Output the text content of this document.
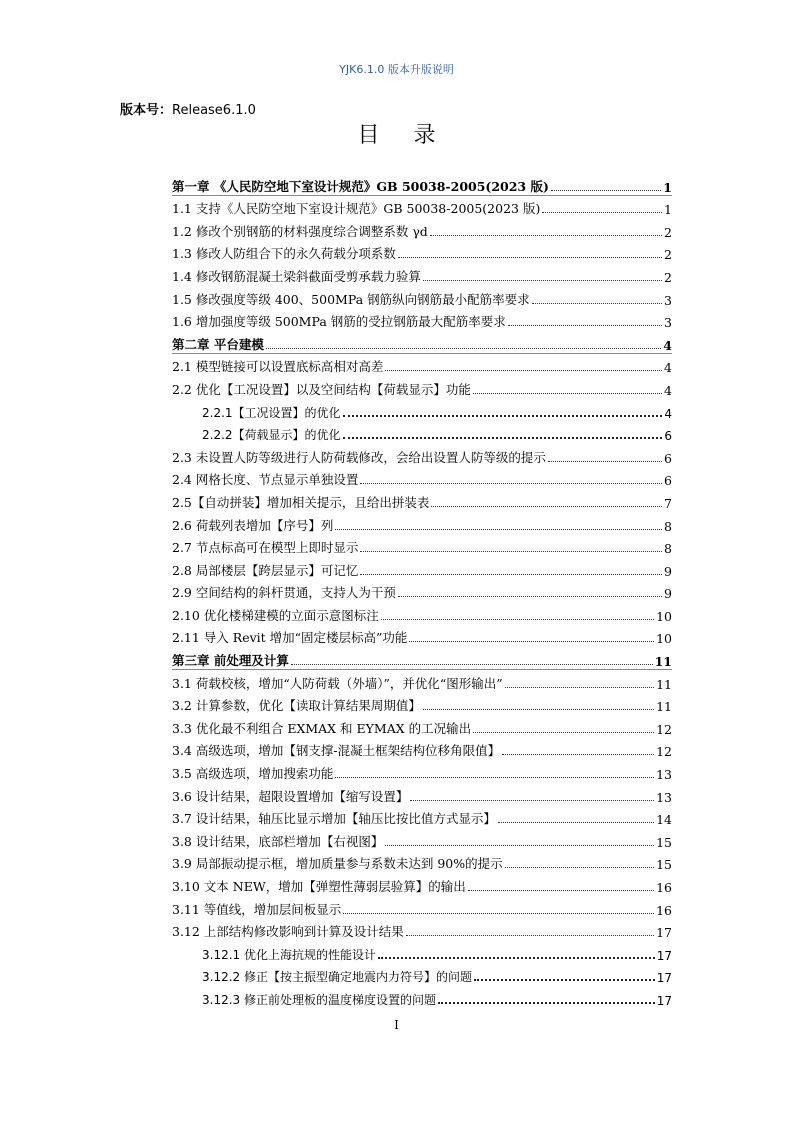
YJK6.1.0 版本升版说明
版本号：Release6.1.0
目录
第一章 《人民防空地下室设计规范》GB 50038-2005(2023 版)	1
1.1 支持《人民防空地下室设计规范》GB 50038-2005(2023 版)	1
1.2 修改个别钢筋的材料强度综合调整系数 γd	2
1.3 修改人防组合下的永久荷载分项系数	2
1.4 修改钢筋混凝土梁斜截面受剪承载力验算	2
1.5 修改强度等级 400、500MPa 钢筋纵向钢筋最小配筋率要求	3
1.6 增加强度等级 500MPa 钢筋的受拉钢筋最大配筋率要求	3
第二章 平台建模	4
2.1 模型链接可以设置底标高相对高差	4
2.2 优化【工况设置】以及空间结构【荷载显示】功能	4
2.2.1【工况设置】的优化	4
2.2.2【荷载显示】的优化	6
2.3 未设置人防等级进行人防荷载修改，会给出设置人防等级的提示	6
2.4 网格长度、节点显示单独设置	6
2.5【自动拼装】增加相关提示，且给出拼装表	7
2.6 荷载列表增加【序号】列	8
2.7 节点标高可在模型上即时显示	8
2.8 局部楼层【跨层显示】可记忆	9
2.9 空间结构的斜杆贯通，支持人为干预	9
2.10 优化楼梯建模的立面示意图标注	10
2.11 导入 Revit 增加“固定楼层标高”功能	10
第三章 前处理及计算	11
3.1 荷载校核，增加“人防荷载（外墙）”，并优化“图形输出”	11
3.2 计算参数，优化【读取计算结果周期值】	11
3.3 优化最不利组合 EXMAX 和 EYMAX 的工况输出	12
3.4 高级选项，增加【钢支撑-混凝土框架结构位移角限值】	12
3.5 高级选项，增加搜索功能	13
3.6 设计结果，超限设置增加【缩写设置】	13
3.7 设计结果，轴压比显示增加【轴压比按比值方式显示】	14
3.8 设计结果，底部栏增加【右视图】	15
3.9 局部振动提示框，增加质量参与系数未达到 90%的提示	15
3.10 文本 NEW，增加【弹塑性薄弱层验算】的输出	16
3.11 等值线，增加层间板显示	16
3.12 上部结构修改影响到计算及设计结果	17
3.12.1 优化上海抗规的性能设计	17
3.12.2 修正【按主振型确定地震内力符号】的问题	17
3.12.3 修正前处理板的温度梯度设置的问题	17
I
